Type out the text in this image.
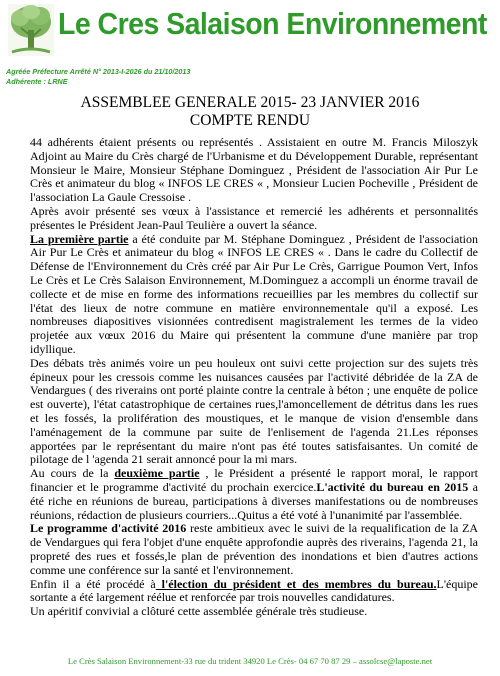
Le Cres Salaison Environnement
Agréée Préfecture Arrêté N° 2013-I-2026 du 21/10/2013
Adhérente : LRNE
ASSEMBLEE GENERALE 2015- 23 JANVIER 2016
COMPTE RENDU

44 adhérents étaient présents ou représentés . Assistaient en outre M. Francis Miloszyk Adjoint au Maire du Crès chargé de l'Urbanisme et du Développement Durable, représentant Monsieur le Maire, Monsieur Stéphane Dominguez , Président de l'association Air Pur Le Crès et animateur du blog « INFOS LE CRES « , Monsieur Lucien Pocheville , Président de l'association La Gaule Cressoise .

Après avoir présenté ses vœux à l'assistance et remercié les adhérents et personnalités présentes le Président Jean-Paul Teulière a ouvert la séance.

La première partie a été conduite par M. Stéphane Dominguez , Président de l'association Air Pur Le Crès et animateur du blog « INFOS LE CRES « . Dans le cadre du Collectif de Défense de l'Environnement du Crès créé par Air Pur Le Crès, Garrigue Poumon Vert, Infos Le Crès et Le Crès Salaison Environnement, M.Dominguez a accompli un énorme travail de collecte et de mise en forme des informations recueillies par les membres du collectif sur l'état des lieux de notre commune en matière environnementale qu'il a exposé. Les nombreuses diapositives visionnées contredisent magistralement les termes de la video projetée aux vœux 2016 du Maire qui présentent la commune d'une manière par trop idyllique.

Des débats très animés voire un peu houleux ont suivi cette projection sur des sujets très épineux pour les cressois comme les nuisances causées par l'activité débridée de la ZA de Vendargues ( des riverains ont porté plainte contre la centrale à béton ; une enquête de police est ouverte), l'état catastrophique de certaines rues,l'amoncellement de détritus dans les rues et les fossés, la prolifération des moustiques, et le manque de vision d'ensemble dans l'aménagement de la commune par suite de l'enlisement de l'agenda 21.Les réponses apportées par le représentant du maire n'ont pas été toutes satisfaisantes. Un comité de pilotage de l 'agenda 21 serait annoncé pour la mi mars.

Au cours de la deuxième partie , le Président a présenté le rapport moral, le rapport financier et le programme d'activité du prochain exercice.L'activité du bureau en 2015 a été riche en réunions de bureau, participations à diverses manifestations ou de nombreuses réunions, rédaction de plusieurs courriers...Quitus a été voté à l'unanimité par l'assemblée.

Le programme d'activité 2016 reste ambitieux avec le suivi de la requalification de la ZA de Vendargues qui fera l'objet d'une enquête approfondie auprès des riverains, l'agenda 21, la propreté des rues et fossés,le plan de prévention des inondations et bien d'autres actions comme une conférence sur la santé et l'environnement.

Enfin il a été procédé à l'élection du président et des membres du bureau.L'équipe sortante a été largement réélue et renforcée par trois nouvelles candidatures.

Un apéritif convivial a clôturé cette assemblée générale très studieuse.

Le Crès Salaison Environnement-33 rue du trident 34920 Le Crès- 04 67 70 87 29 – assolcse@laposte.net
